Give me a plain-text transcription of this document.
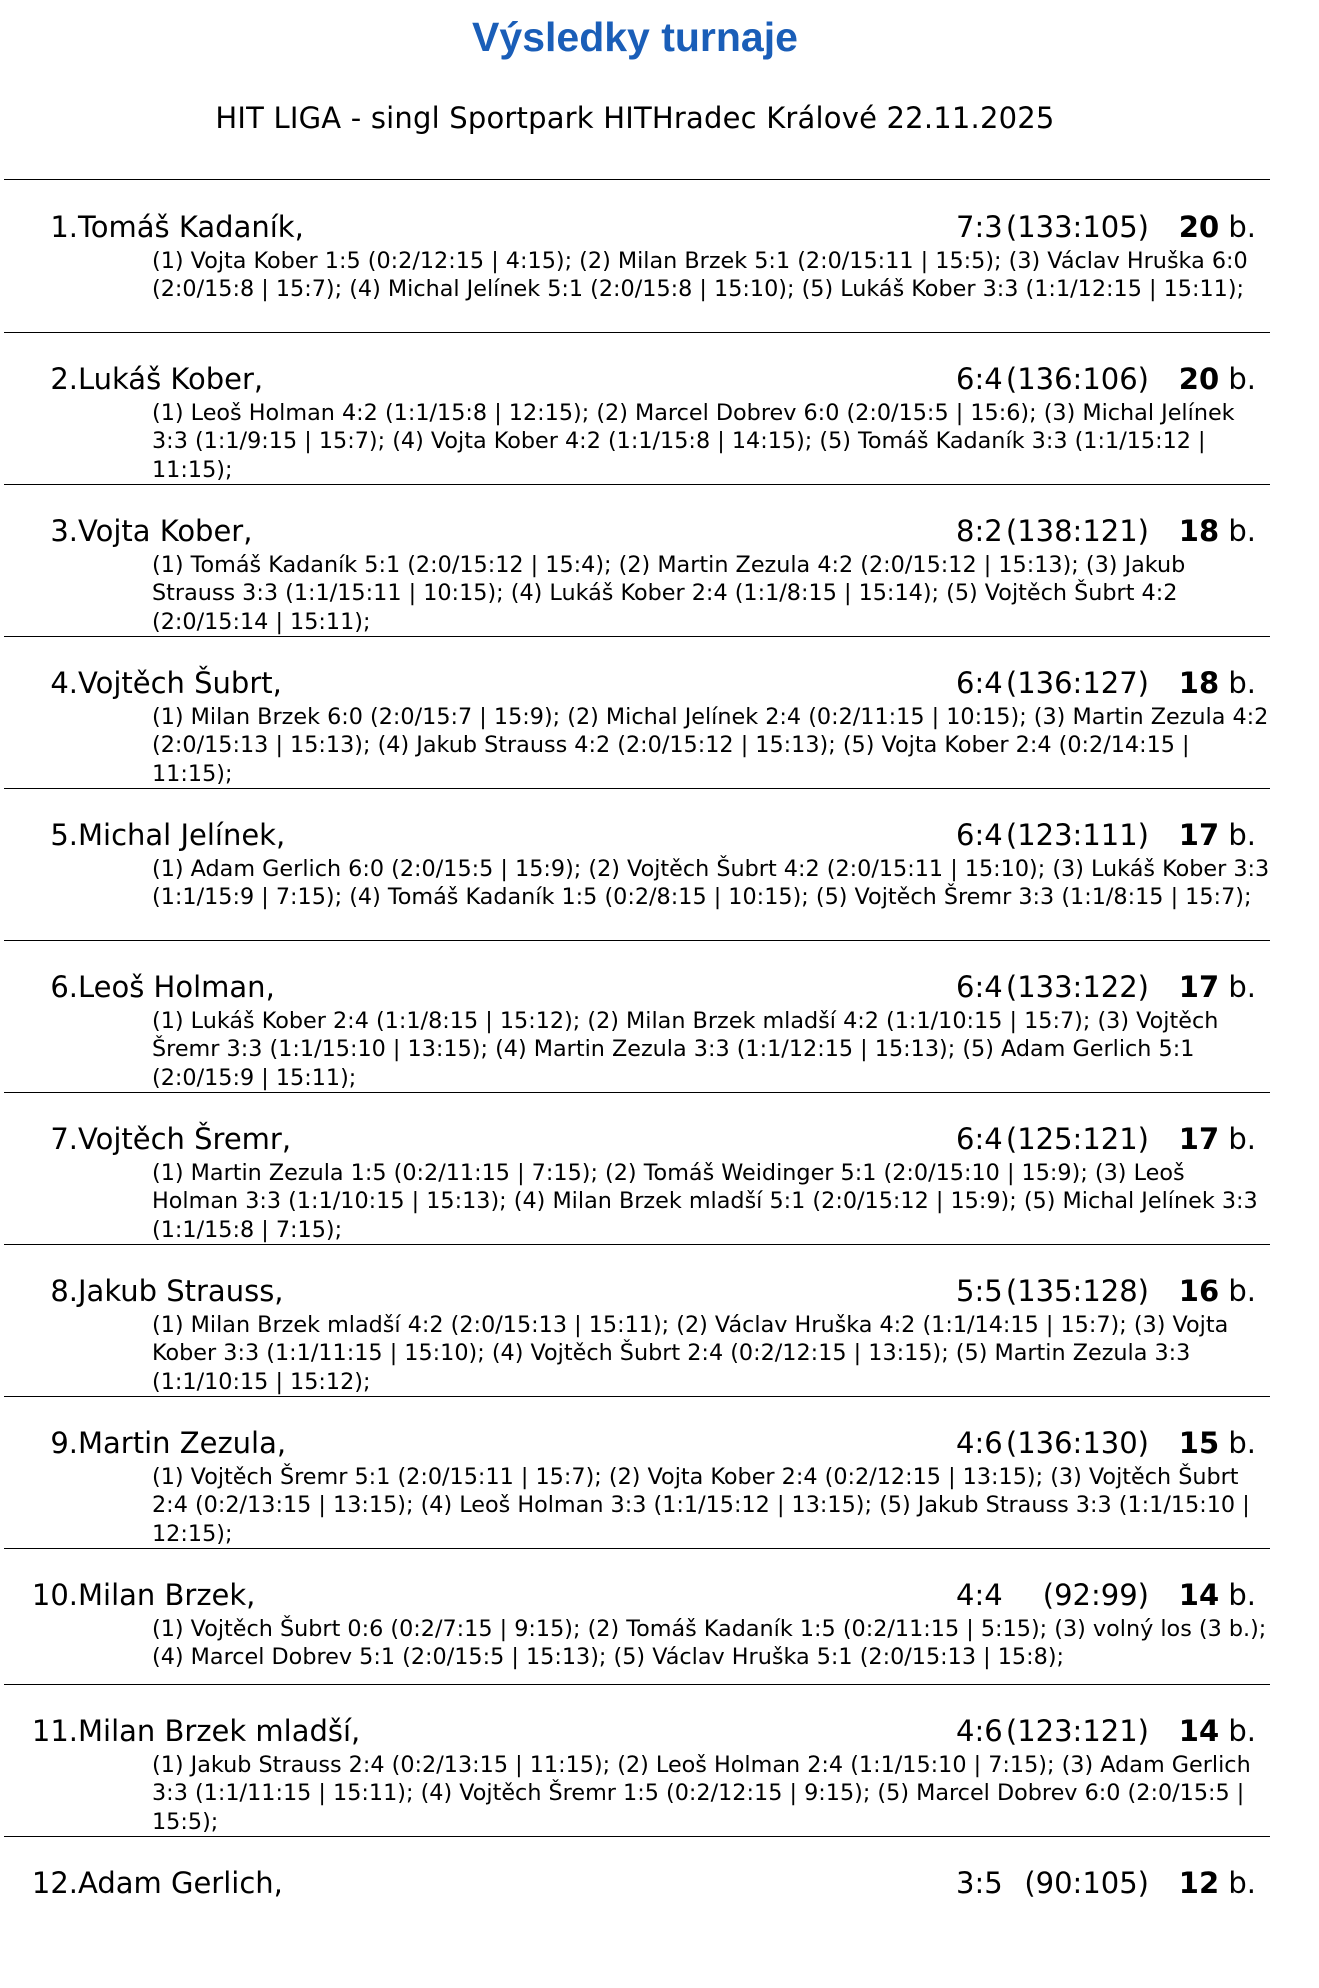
Výsledky turnaje

HIT LIGA - singl Sportpark HITHradec Králové 22.11.2025

1. Tomáš Kadaník,	7:3 (133:105) 20 b.

(1) Vojta Kober 1:5 (0:2/12:15 | 4:15); (2) Milan Brzek 5:1 (2:0/15:11 | 15:5); (3) Václav Hruška 6:0 (2:0/15:8 | 15:7); (4) Michal Jelínek 5:1 (2:0/15:8 | 15:10); (5) Lukáš Kober 3:3 (1:1/12:15 | 15:11);

2. Lukáš Kober,	6:4 (136:106) 20 b.

(1) Leoš Holman 4:2 (1:1/15:8 | 12:15); (2) Marcel Dobrev 6:0 (2:0/15:5 | 15:6); (3) Michal Jelínek 3:3 (1:1/9:15 | 15:7); (4) Vojta Kober 4:2 (1:1/15:8 | 14:15); (5) Tomáš Kadaník 3:3 (1:1/15:12 | 11:15);

3. Vojta Kober,	8:2 (138:121) 18 b.

(1) Tomáš Kadaník 5:1 (2:0/15:12 | 15:4); (2) Martin Zezula 4:2 (2:0/15:12 | 15:13); (3) Jakub Strauss 3:3 (1:1/15:11 | 10:15); (4) Lukáš Kober 2:4 (1:1/8:15 | 15:14); (5) Vojtěch Šubrt 4:2 (2:0/15:14 | 15:11);

4. Vojtěch Šubrt,	6:4 (136:127) 18 b.

(1) Milan Brzek 6:0 (2:0/15:7 | 15:9); (2) Michal Jelínek 2:4 (0:2/11:15 | 10:15); (3) Martin Zezula 4:2 (2:0/15:13 | 15:13); (4) Jakub Strauss 4:2 (2:0/15:12 | 15:13); (5) Vojta Kober 2:4 (0:2/14:15 | 11:15);

5. Michal Jelínek,	6:4 (123:111) 17 b.

(1) Adam Gerlich 6:0 (2:0/15:5 | 15:9); (2) Vojtěch Šubrt 4:2 (2:0/15:11 | 15:10); (3) Lukáš Kober 3:3 (1:1/15:9 | 7:15); (4) Tomáš Kadaník 1:5 (0:2/8:15 | 10:15); (5) Vojtěch Šremr 3:3 (1:1/8:15 | 15:7);

6. Leoš Holman,	6:4 (133:122) 17 b.

(1) Lukáš Kober 2:4 (1:1/8:15 | 15:12); (2) Milan Brzek mladší 4:2 (1:1/10:15 | 15:7); (3) Vojtěch Šremr 3:3 (1:1/15:10 | 13:15); (4) Martin Zezula 3:3 (1:1/12:15 | 15:13); (5) Adam Gerlich 5:1 (2:0/15:9 | 15:11);

7. Vojtěch Šremr,	6:4 (125:121) 17 b.

(1) Martin Zezula 1:5 (0:2/11:15 | 7:15); (2) Tomáš Weidinger 5:1 (2:0/15:10 | 15:9); (3) Leoš Holman 3:3 (1:1/10:15 | 15:13); (4) Milan Brzek mladší 5:1 (2:0/15:12 | 15:9); (5) Michal Jelínek 3:3 (1:1/15:8 | 7:15);

8. Jakub Strauss,	5:5 (135:128) 16 b.

(1) Milan Brzek mladší 4:2 (2:0/15:13 | 15:11); (2) Václav Hruška 4:2 (1:1/14:15 | 15:7); (3) Vojta Kober 3:3 (1:1/11:15 | 15:10); (4) Vojtěch Šubrt 2:4 (0:2/12:15 | 13:15); (5) Martin Zezula 3:3 (1:1/10:15 | 15:12);

9. Martin Zezula,	4:6 (136:130) 15 b.

(1) Vojtěch Šremr 5:1 (2:0/15:11 | 15:7); (2) Vojta Kober 2:4 (0:2/12:15 | 13:15); (3) Vojtěch Šubrt 2:4 (0:2/13:15 | 13:15); (4) Leoš Holman 3:3 (1:1/15:12 | 13:15); (5) Jakub Strauss 3:3 (1:1/15:10 | 12:15);

10. Milan Brzek,	4:4 (92:99) 14 b.

(1) Vojtěch Šubrt 0:6 (0:2/7:15 | 9:15); (2) Tomáš Kadaník 1:5 (0:2/11:15 | 5:15); (3) volný los (3 b.); (4) Marcel Dobrev 5:1 (2:0/15:5 | 15:13); (5) Václav Hruška 5:1 (2:0/15:13 | 15:8);

11. Milan Brzek mladší,	4:6 (123:121) 14 b.

(1) Jakub Strauss 2:4 (0:2/13:15 | 11:15); (2) Leoš Holman 2:4 (1:1/15:10 | 7:15); (3) Adam Gerlich 3:3 (1:1/11:15 | 15:11); (4) Vojtěch Šremr 1:5 (0:2/12:15 | 9:15); (5) Marcel Dobrev 6:0 (2:0/15:5 | 15:5);

12. Adam Gerlich,	3:5 (90:105) 12 b.
